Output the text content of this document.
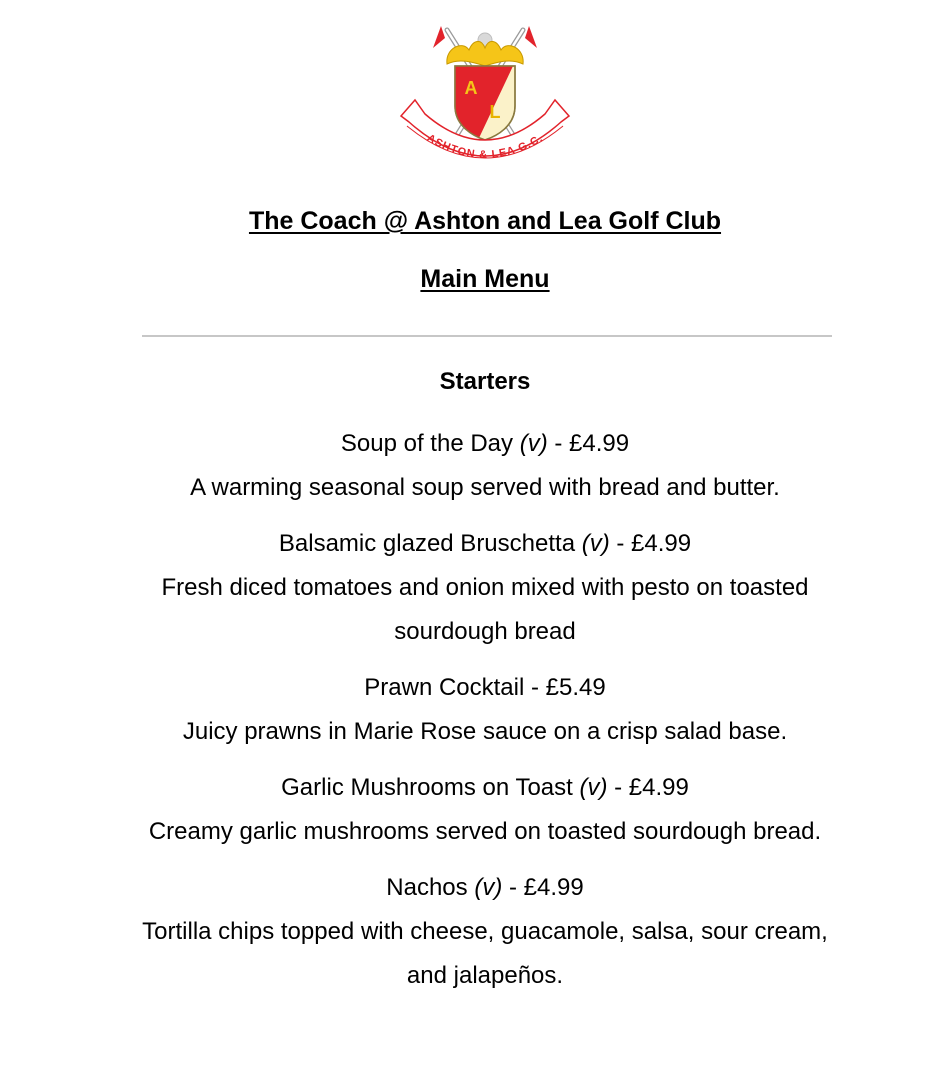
A
L
ASHTON & LEA G.C.
The Coach @ Ashton and Lea Golf Club
Main Menu
Starters
Soup of the Day (v) - £4.99
A warming seasonal soup served with bread and butter.
Balsamic glazed Bruschetta (v) - £4.99
Fresh diced tomatoes and onion mixed with pesto on toasted sourdough bread
Prawn Cocktail - £5.49
Juicy prawns in Marie Rose sauce on a crisp salad base.
Garlic Mushrooms on Toast (v) - £4.99
Creamy garlic mushrooms served on toasted sourdough bread.
Nachos (v) - £4.99
Tortilla chips topped with cheese, guacamole, salsa, sour cream, and jalapeños.
